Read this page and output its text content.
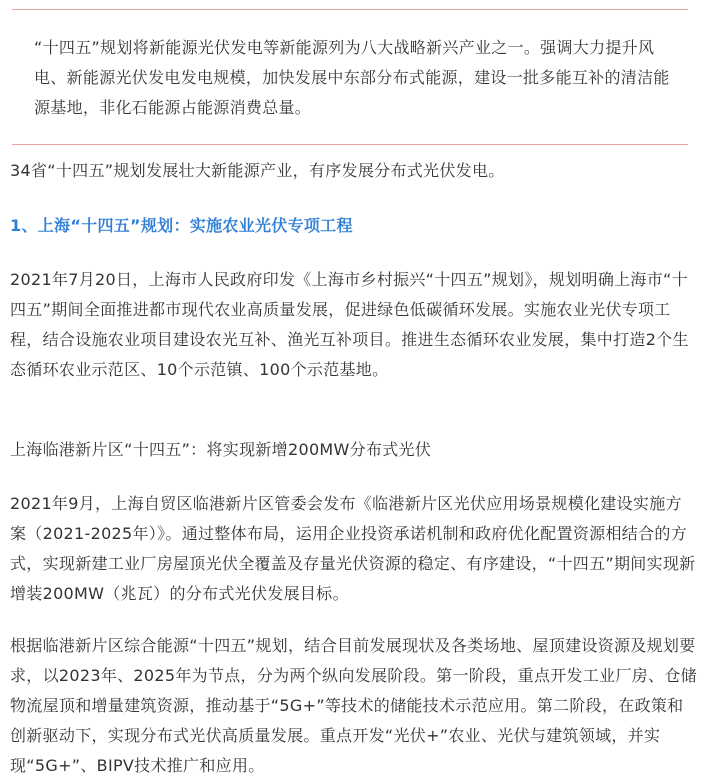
“十四五”规划将新能源光伏发电等新能源列为八大战略新兴产业之一。强调大力提升风电、新能源光伏发电发电规模，加快发展中东部分布式能源，建设一批多能互补的清洁能源基地，非化石能源占能源消费总量。

34省“十四五”规划发展壮大新能源产业，有序发展分布式光伏发电。

1、上海“十四五”规划：实施农业光伏专项工程

2021年7月20日，上海市人民政府印发《上海市乡村振兴“十四五”规划》，规划明确上海市“十四五”期间全面推进都市现代农业高质量发展，促进绿色低碳循环发展。实施农业光伏专项工程，结合设施农业项目建设农光互补、渔光互补项目。推进生态循环农业发展，集中打造2个生态循环农业示范区、10个示范镇、100个示范基地。

上海临港新片区“十四五”：将实现新增200MW分布式光伏

2021年9月，上海自贸区临港新片区管委会发布《临港新片区光伏应用场景规模化建设实施方案（2021-2025年）》。通过整体布局，运用企业投资承诺机制和政府优化配置资源相结合的方式，实现新建工业厂房屋顶光伏全覆盖及存量光伏资源的稳定、有序建设，“十四五”期间实现新增装200MW（兆瓦）的分布式光伏发展目标。

根据临港新片区综合能源“十四五”规划，结合目前发展现状及各类场地、屋顶建设资源及规划要求，以2023年、2025年为节点，分为两个纵向发展阶段。第一阶段，重点开发工业厂房、仓储物流屋顶和增量建筑资源，推动基于“5G+”等技术的储能技术示范应用。第二阶段，在政策和创新驱动下，实现分布式光伏高质量发展。重点开发“光伏+”农业、光伏与建筑领域，并实现“5G+”、BIPV技术推广和应用。
